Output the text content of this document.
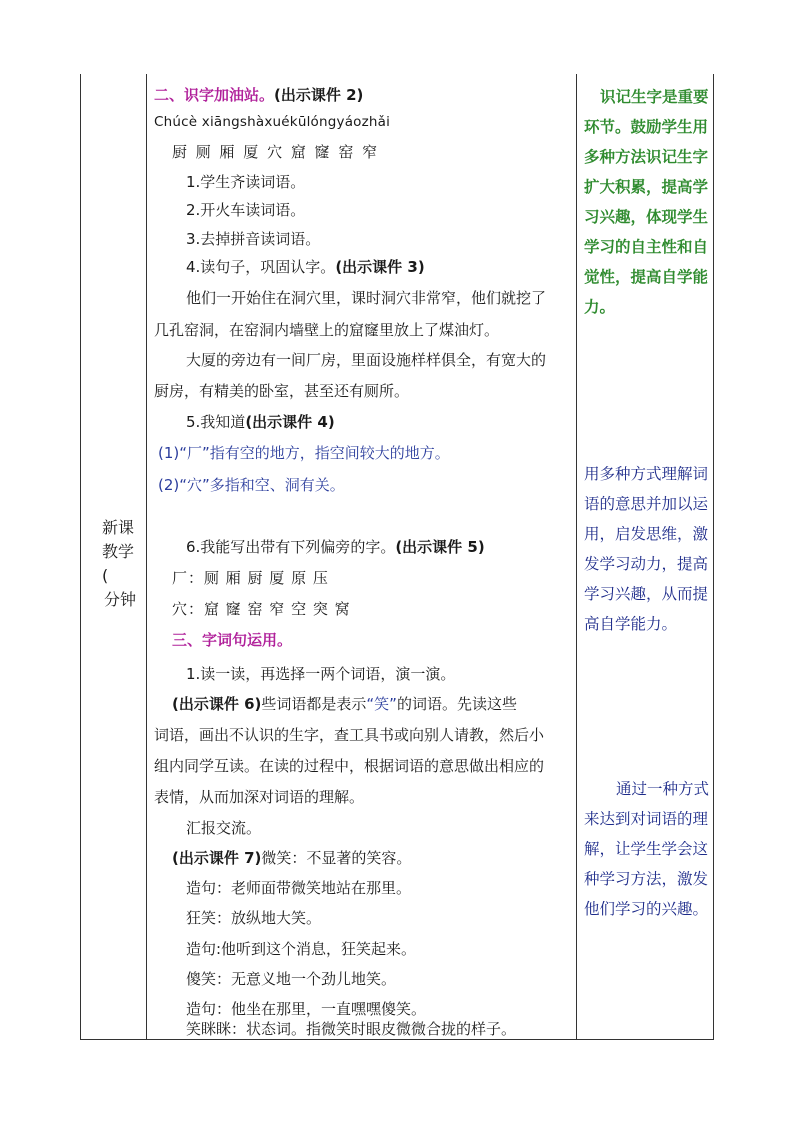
新课
教学
(
分钟
二、识字加油站。(出示课件 2)
Chúcè xiāngshàxuékūlóngyáozhǎi
厨 厕 厢 厦 穴 窟 窿 窑 窄
1.学生齐读词语。
2.开火车读词语。
3.去掉拼音读词语。
4.读句子，巩固认字。(出示课件 3)
他们一开始住在洞穴里，课时洞穴非常窄，他们就挖了
几孔窑洞，在窑洞内墙壁上的窟窿里放上了煤油灯。
大厦的旁边有一间厂房，里面设施样样俱全，有宽大的
厨房，有精美的卧室，甚至还有厕所。
5.我知道(出示课件 4)
(1)“厂”指有空的地方，指空间较大的地方。
(2)“穴”多指和空、洞有关。
6.我能写出带有下列偏旁的字。(出示课件 5)
厂：厕 厢 厨 厦 原 压
穴：窟 窿 窑 窄 空 突 窝
三、字词句运用。
1.读一读，再选择一两个词语，演一演。
(出示课件 6)些词语都是表示“笑”的词语。先读这些
词语，画出不认识的生字，查工具书或向别人请教，然后小
组内同学互读。在读的过程中，根据词语的意思做出相应的
表情，从而加深对词语的理解。
汇报交流。
(出示课件 7)微笑：不显著的笑容。
造句：老师面带微笑地站在那里。
狂笑：放纵地大笑。
造句:他听到这个消息，狂笑起来。
傻笑：无意义地一个劲儿地笑。
造句：他坐在那里，一直嘿嘿傻笑。
笑眯眯：状态词。指微笑时眼皮微微合拢的样子。
识记生字是重要
环节。鼓励学生用
多种方法识记生字
扩大积累，提高学
习兴趣，体现学生
学习的自主性和自
觉性，提高自学能
力。
用多种方式理解词
语的意思并加以运
用，启发思维，激
发学习动力，提高
学习兴趣，从而提
高自学能力。
通过一种方式
来达到对词语的理
解，让学生学会这
种学习方法，激发
他们学习的兴趣。
